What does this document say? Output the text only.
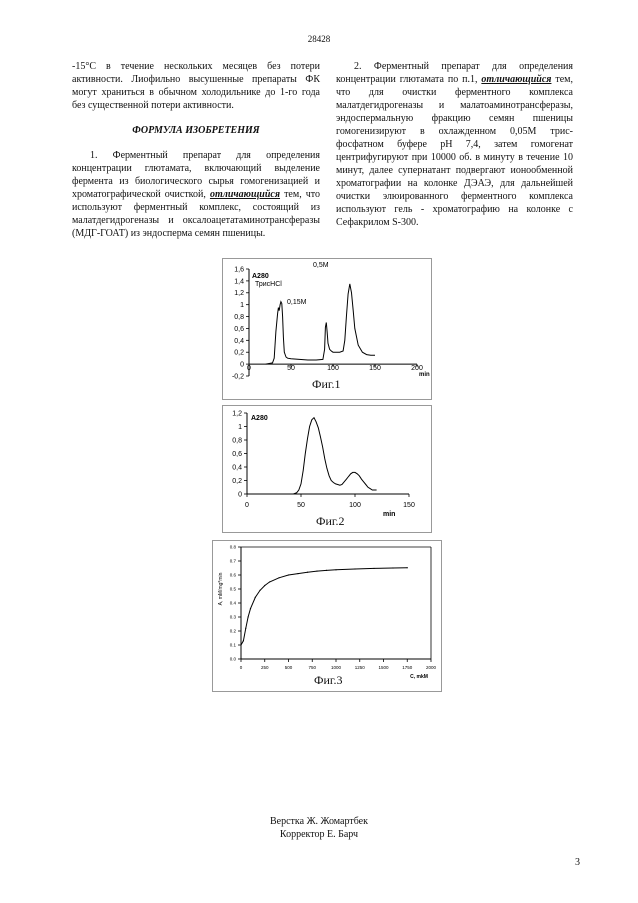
28428

-15°C в течение нескольких месяцев без потери активности. Лиофильно высушенные препараты ФК могут храниться в обычном холодильнике до 1-го года без существенной потери активности.

ФОРМУЛА ИЗОБРЕТЕНИЯ

1. Ферментный препарат для определения концентрации глютамата, включающий выделение фермента из биологического сырья гомогенизацией и хроматографической очисткой, отличающийся тем, что используют ферментный комплекс, состоящий из малатдегидрогеназы и оксалоацетатаминотрансферазы (МДГ-ГОАТ) из эндосперма семян пшеницы.

2. Ферментный препарат для определения концентрации глютамата по п.1, отличающийся тем, что для очистки ферментного комплекса малатдегидрогеназы и малатоаминотрансферазы, эндоспермальную фракцию семян пшеницы гомогенизируют в охлажденном 0,05М трис-фосфатном буфере рН 7,4, затем гомогенат центрифугируют при 10000 об. в минуту в течение 10 минут, далее супернатант подвергают ионообменной хроматографии на колонке ДЭАЭ, для дальнейшей очистки элюированного ферментного комплекса используют гель - хроматографию на колонке с Сефакрилом S-300.

-0,2
0
0,2
0,4
0,6
0,8
1
1,2
1,4
1,6
0	50	100	150	200
A280
min
ТрисHCl
0,15M
0,5M
Фиг.1
0
0,2
0,4
0,6
0,8
1
1,2
0	50	100	150
A280
min
Фиг.2
0.0
0.1
0.2
0.3
0.4
0.5
0.6
0.7
0.8
0	250	500	750	1000	1250	1500	1750	2000
A, mM/mg*min
C, mkM
Фиг.3
Верстка Ж. Жомартбек
Корректор Е. Барч
3
